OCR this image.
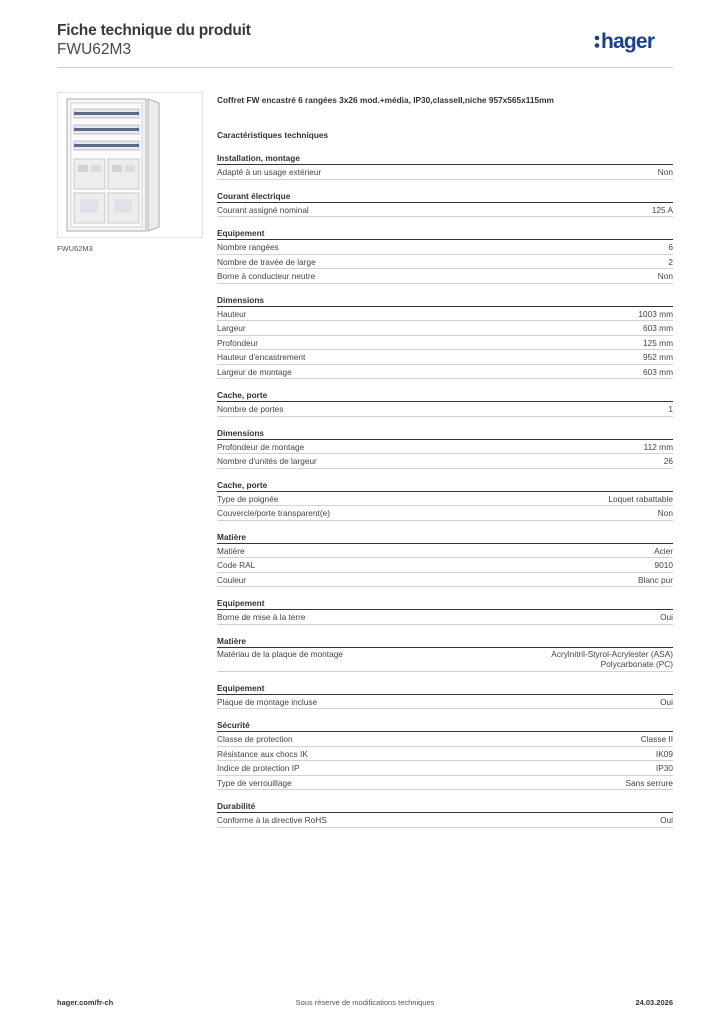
Fiche technique du produit
FWU62M3	hager
FWU62M3
Coffret FW encastré 6 rangées 3x26 mod.+média, IP30,classeII,niche 957x565x115mm
Caractéristiques techniques
Installation, montage
Adapté à un usage extérieur	Non
Courant électrique
Courant assigné nominal	125 A
Equipement
Nombre rangées	6
Nombre de travée de large	2
Borne à conducteur neutre	Non
Dimensions
Hauteur	1003 mm
Largeur	603 mm
Profondeur	125 mm
Hauteur d'encastrement	952 mm
Largeur de montage	603 mm
Cache, porte
Nombre de portes	1
Dimensions
Profondeur de montage	112 mm
Nombre d'unités de largeur	26
Cache, porte
Type de poignée	Loquet rabattable
Couvercle/porte transparent(e)	Non
Matière
Matière	Acier
Code RAL	9010
Couleur	Blanc pur
Equipement
Borne de mise à la terre	Oui
Matière
Matériau de la plaque de montage	Acrylnitril-Styrol-Acrylester (ASA)
Polycarbonate (PC)
Equipement
Plaque de montage incluse	Oui
Sécurité
Classe de protection	Classe II
Résistance aux chocs IK	IK09
Indice de protection IP	IP30
Type de verrouillage	Sans serrure
Durabilité
Conforme à la directive RoHS	Oui
hager.com/fr-ch	Sous réserve de modifications techniques	24.03.2026
